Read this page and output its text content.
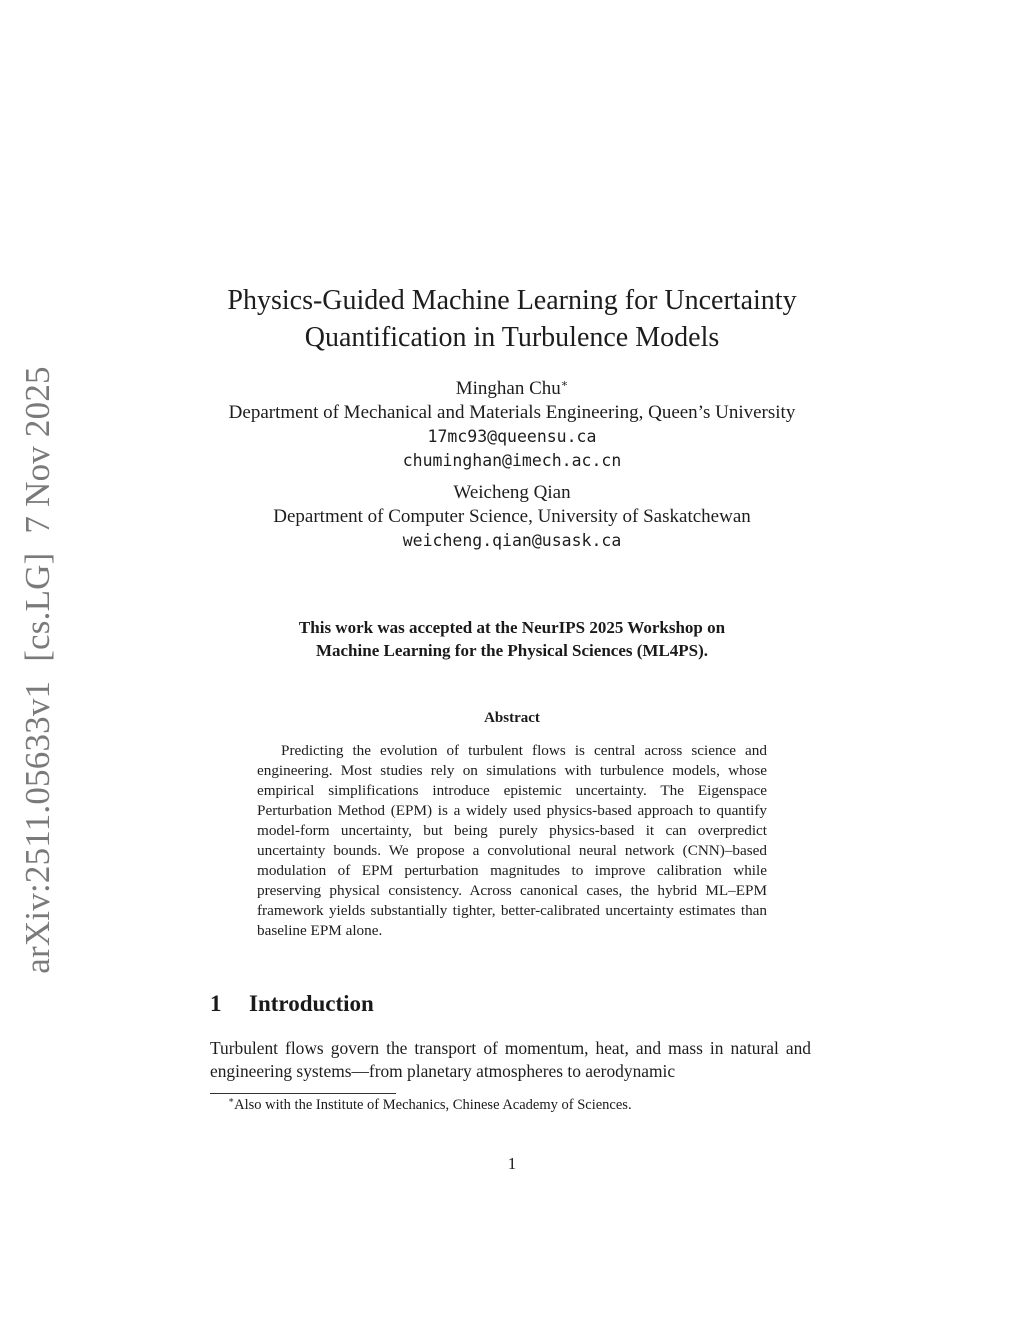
arXiv:2511.05633v1 [cs.LG] 7 Nov 2025
Physics-Guided Machine Learning for Uncertainty
Quantification in Turbulence Models
Minghan Chu∗
Department of Mechanical and Materials Engineering, Queen’s University
17mc93@queensu.ca
chuminghan@imech.ac.cn
Weicheng Qian
Department of Computer Science, University of Saskatchewan
weicheng.qian@usask.ca
This work was accepted at the NeurIPS 2025 Workshop on
Machine Learning for the Physical Sciences (ML4PS).
Abstract
Predicting the evolution of turbulent flows is central across science and engineering. Most studies rely on simulations with turbulence models, whose empirical simplifications introduce epistemic uncertainty. The Eigenspace Perturbation Method (EPM) is a widely used physics-based approach to quantify model-form uncertainty, but being purely physics-based it can overpredict uncertainty bounds. We propose a convolutional neural network (CNN)–based modulation of EPM perturbation magnitudes to improve calibration while preserving physical consistency. Across canonical cases, the hybrid ML–EPM framework yields substantially tighter, better-calibrated uncertainty estimates than baseline EPM alone.
1 Introduction
Turbulent flows govern the transport of momentum, heat, and mass in natural and engineering systems—from planetary atmospheres to aerodynamic
∗Also with the Institute of Mechanics, Chinese Academy of Sciences.
1
